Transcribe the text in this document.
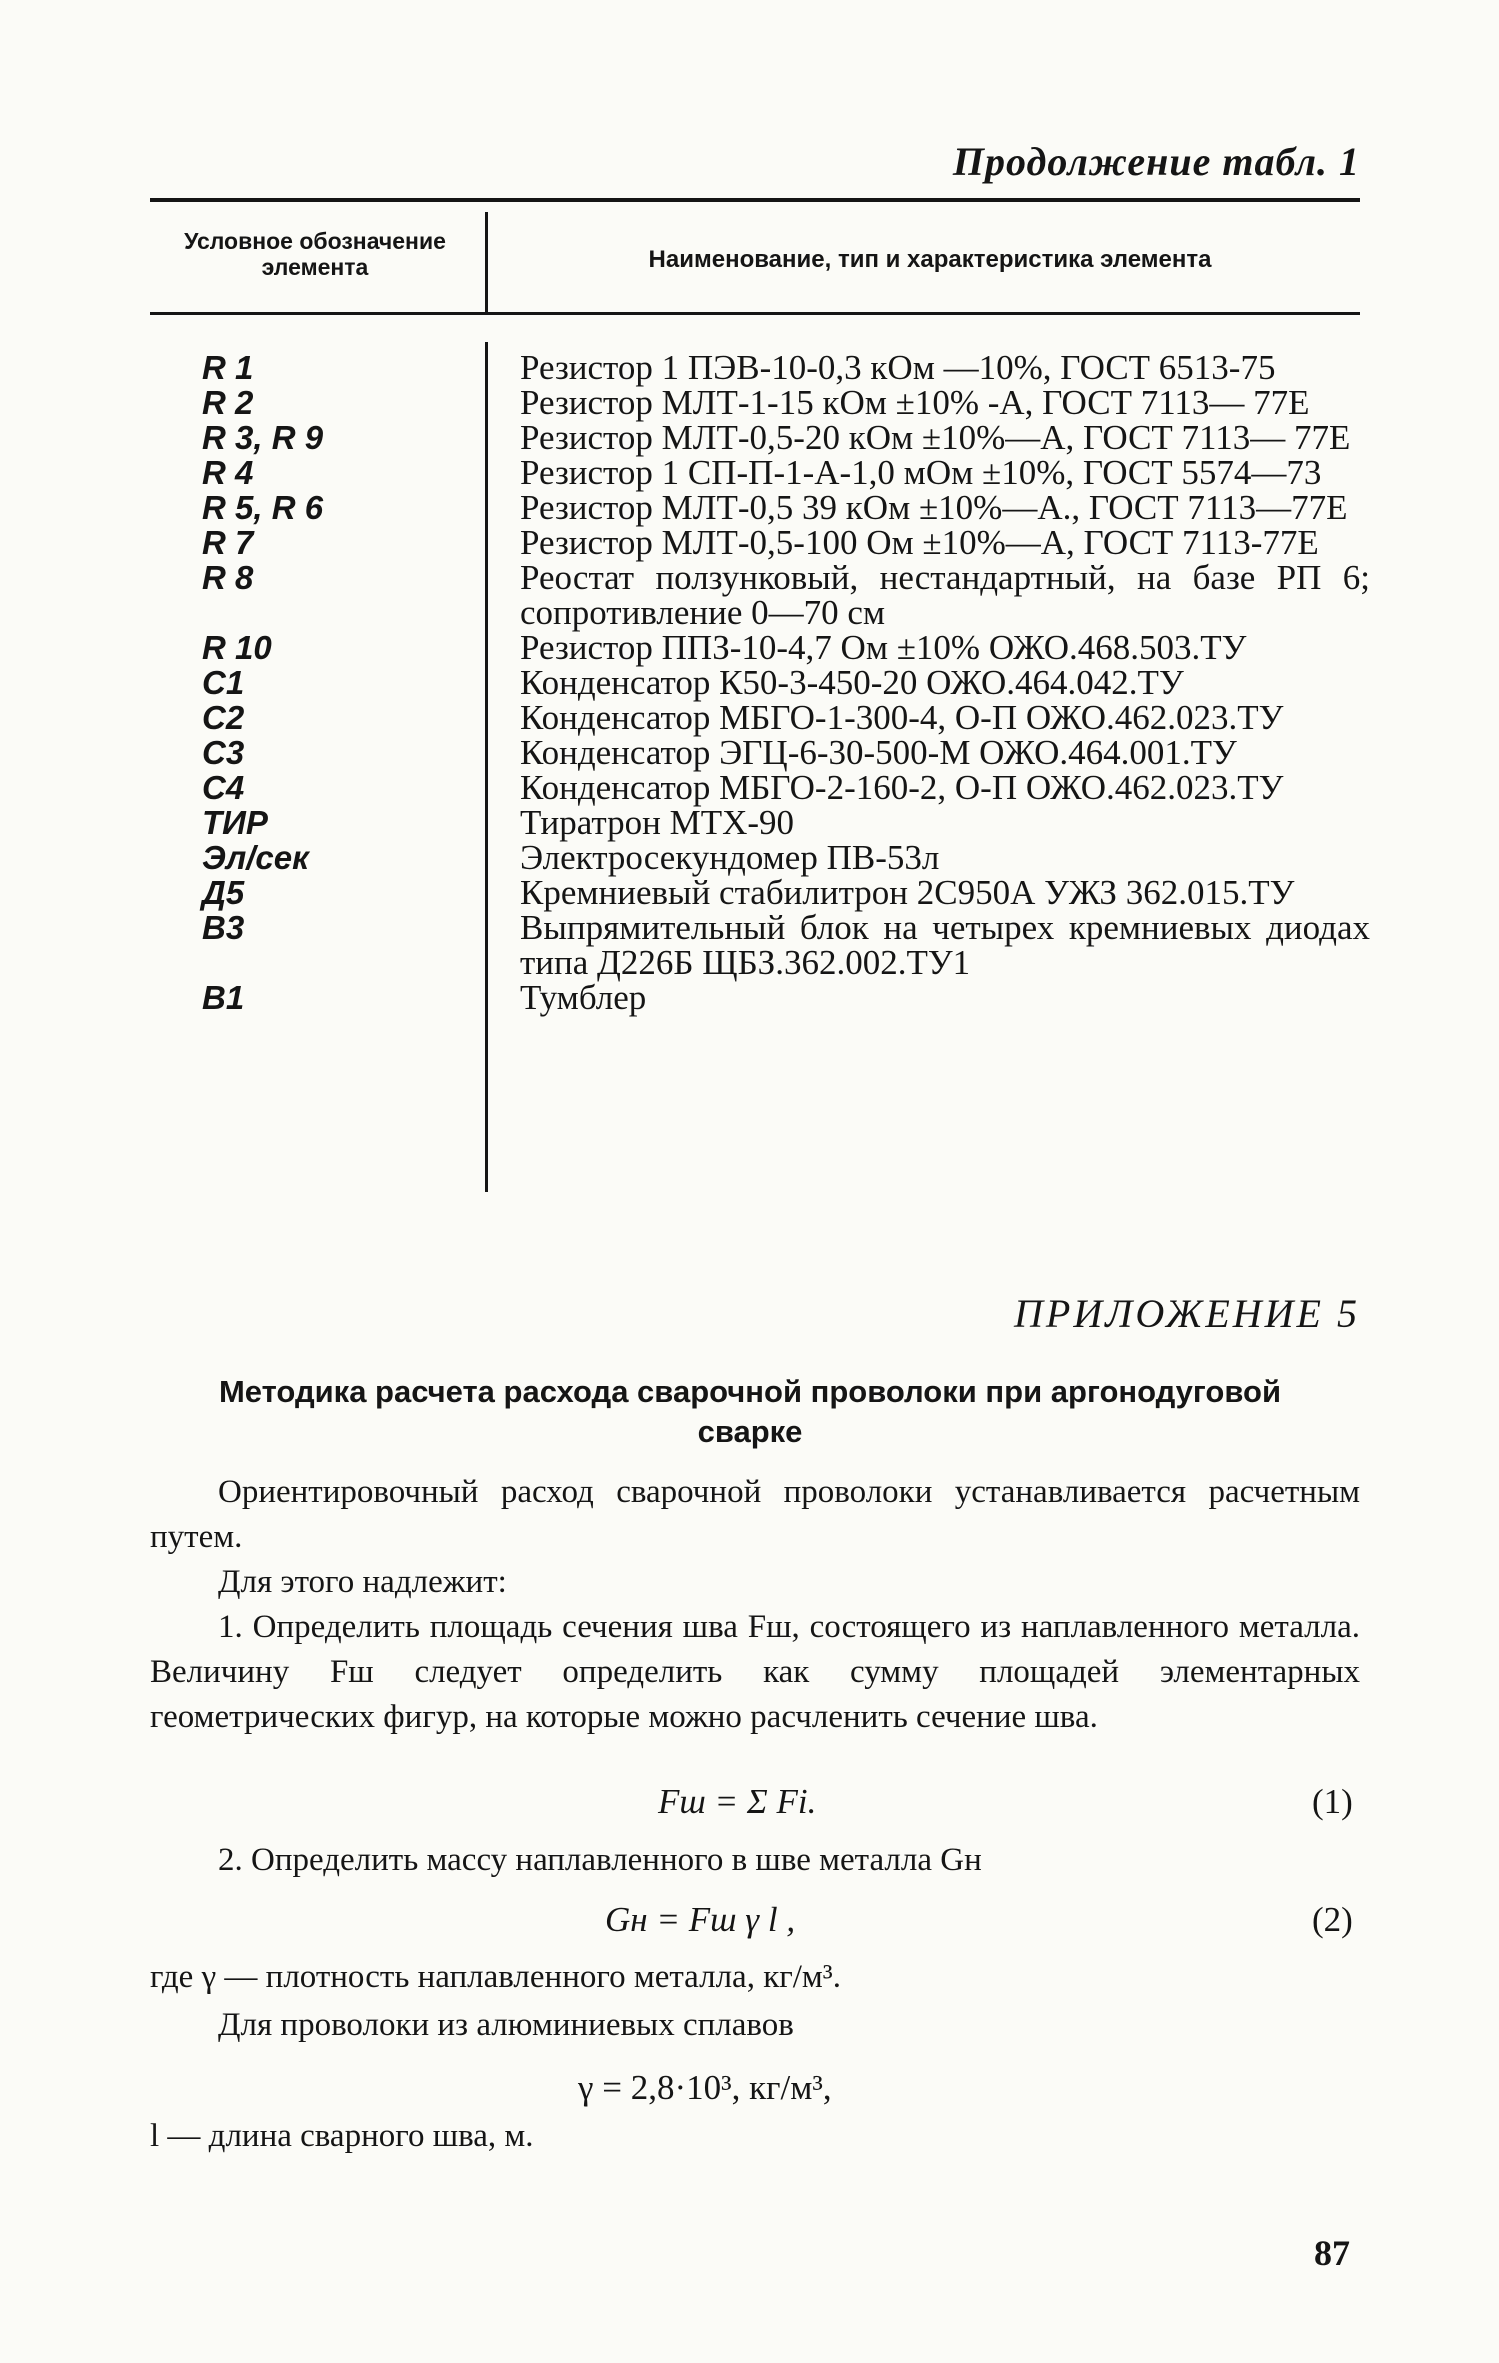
Продолжение табл. 1
Условное обозначение элемента	Наименование, тип и характеристика элемента
R 1	Резистор 1 ПЭВ-10-0,3 кОм —10%, ГОСТ 6513-75
R 2	Резистор МЛТ-1-15 кОм ±10% -А, ГОСТ 7113— 77Е
R 3, R 9	Резистор МЛТ-0,5-20 кОм ±10%—А, ГОСТ 7113— 77Е
R 4	Резистор 1 СП-П-1-А-1,0 мОм ±10%, ГОСТ 5574—73
R 5, R 6	Резистор МЛТ-0,5 39 кОм ±10%—А., ГОСТ 7113—77Е
R 7	Резистор МЛТ-0,5-100 Ом ±10%—А, ГОСТ 7113-77Е
R 8	Реостат ползунковый, нестандартный, на базе РП 6; сопротивление 0—70 см
R 10	Резистор ППЗ-10-4,7 Ом ±10% ОЖО.468.503.ТУ
C1	Конденсатор К50-3-450-20 ОЖО.464.042.ТУ
C2	Конденсатор МБГО-1-300-4, О-П ОЖО.462.023.ТУ
C3	Конденсатор ЭГЦ-6-30-500-М ОЖО.464.001.ТУ
C4	Конденсатор МБГО-2-160-2, О-П ОЖО.462.023.ТУ
ТИР	Тиратрон МТХ-90
Эл/сек	Электросекундомер ПВ-53л
Д5	Кремниевый стабилитрон 2С950А УЖЗ 362.015.ТУ
В3	Выпрямительный блок на четырех кремниевых диодах типа Д226Б ЩБЗ.362.002.ТУ1
В1	Тумблер
ПРИЛОЖЕНИЕ 5
Методика расчета расхода сварочной проволоки при аргонодуговой сварке
Ориентировочный расход сварочной проволоки устанавливается расчетным путем.
Для этого надлежит:
1. Определить площадь сечения шва Fш, состоящего из наплавленного металла. Величину Fш следует определить как сумму площадей элементарных геометрических фигур, на которые можно расчленить сечение шва.
Fш = Σ Fi.	(1)
2. Определить массу наплавленного в шве металла Gн
Gн = Fш γ l ,	(2)
где γ — плотность наплавленного металла, кг/м³.
Для проволоки из алюминиевых сплавов
γ = 2,8·10³, кг/м³,
l — длина сварного шва, м.
87
